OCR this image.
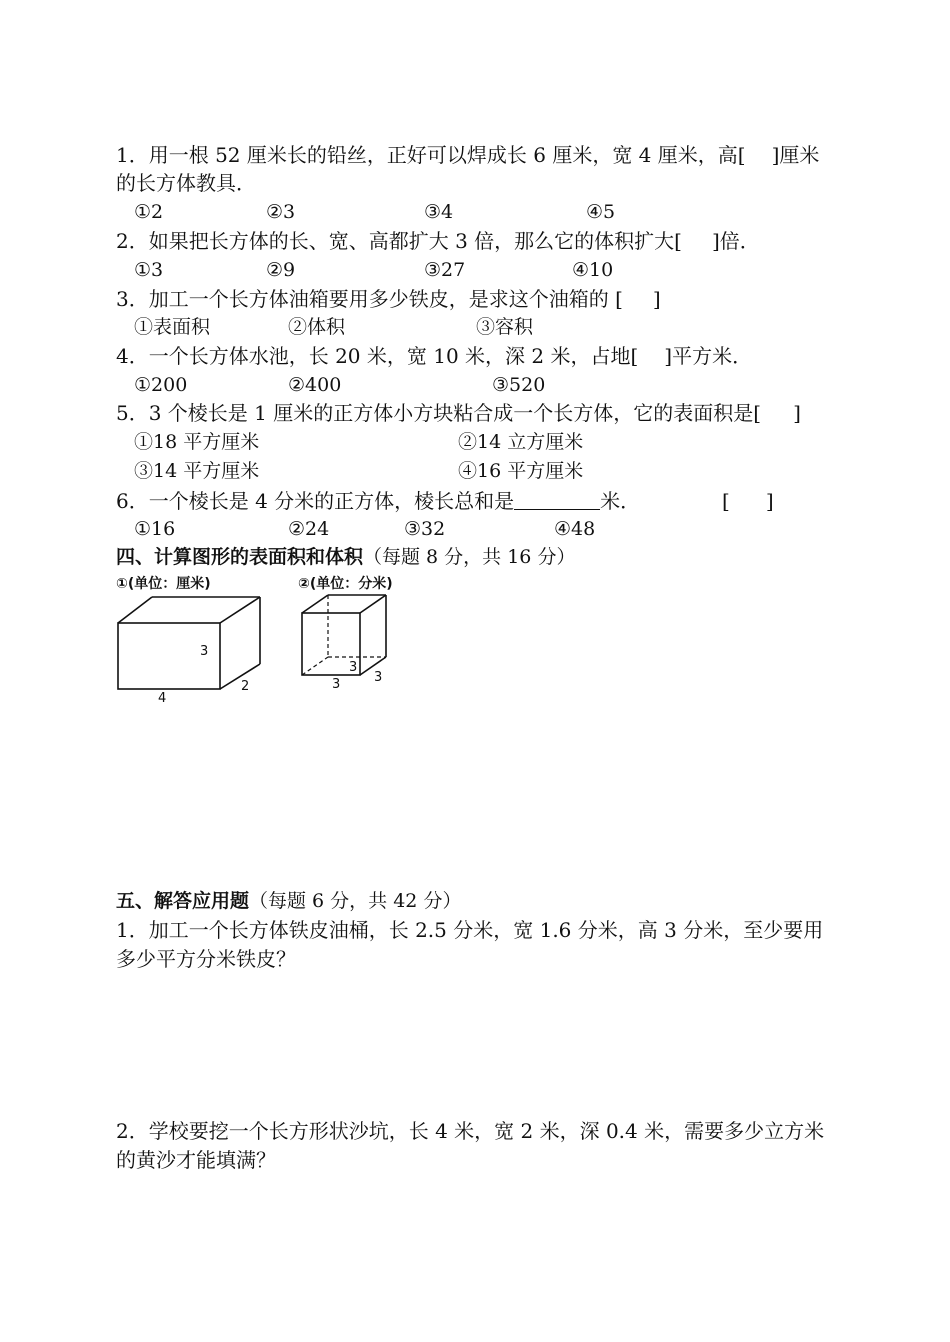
1．用一根 52 厘米长的铅丝，正好可以焊成长 6 厘米，宽 4 厘米，高[ ]厘米
的长方体教具．
①2	②3	③4	④5
2．如果把长方体的长、宽、高都扩大 3 倍，那么它的体积扩大[ ]倍．
①3	②9	③27	④10
3．加工一个长方体油箱要用多少铁皮，是求这个油箱的 [ ]
①表面积	②体积	③容积
4．一个长方体水池，长 20 米，宽 10 米，深 2 米，占地[ ]平方米．
①200	②400	③520
5．3 个棱长是 1 厘米的正方体小方块粘合成一个长方体，它的表面积是[ ]
①18 平方厘米	②14 立方厘米
③14 平方厘米	④16 平方厘米
6．一个棱长是 4 分米的正方体，棱长总和是	米．	[ ]
①16	②24	③32	④48
四、计算图形的表面积和体积（每题 8 分，共 16 分）
①(单位：厘米)	②(单位：分米)
3
2
4
3
3	3
五、解答应用题（每题 6 分，共 42 分）
1．加工一个长方体铁皮油桶，长 2.5 分米，宽 1.6 分米，高 3 分米，至少要用
多少平方分米铁皮？
2．学校要挖一个长方形状沙坑，长 4 米，宽 2 米，深 0.4 米，需要多少立方米
的黄沙才能填满？
